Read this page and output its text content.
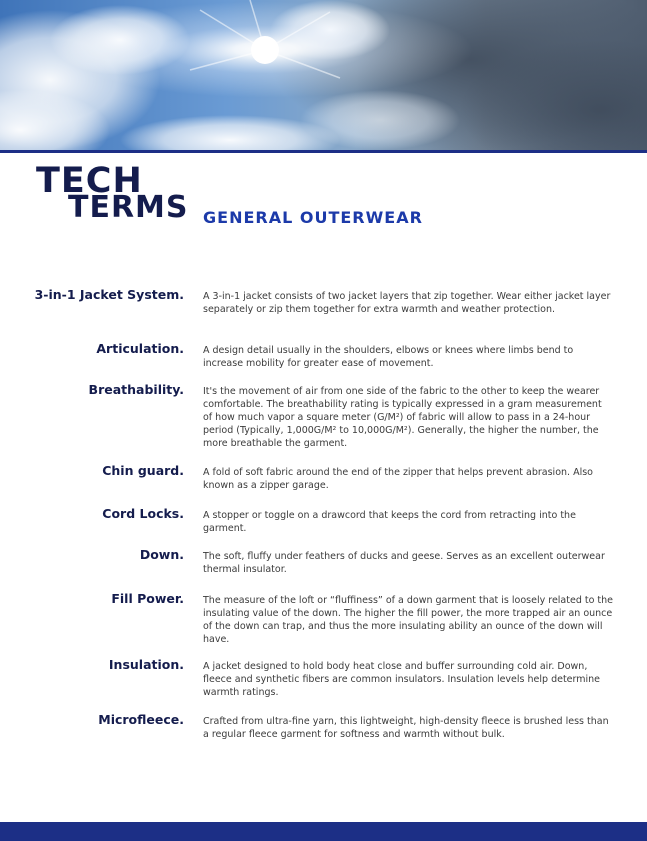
TECH
TERMS GENERAL OUTERWEAR
3-in-1 Jacket System. A 3-in-1 jacket consists of two jacket layers that zip together. Wear either jacket layer separately or zip them together for extra warmth and weather protection.
Articulation. A design detail usually in the shoulders, elbows or knees where limbs bend to increase mobility for greater ease of movement.
Breathability. It's the movement of air from one side of the fabric to the other to keep the wearer comfortable. The breathability rating is typically expressed in a gram measurement of how much vapor a square meter (G/M²) of fabric will allow to pass in a 24-hour period (Typically, 1,000G/M² to 10,000G/M²). Generally, the higher the number, the more breathable the garment.
Chin guard. A fold of soft fabric around the end of the zipper that helps prevent abrasion. Also known as a zipper garage.
Cord Locks. A stopper or toggle on a drawcord that keeps the cord from retracting into the garment.
Down. The soft, fluffy under feathers of ducks and geese. Serves as an excellent outerwear thermal insulator.
Fill Power. The measure of the loft or “fluffiness” of a down garment that is loosely related to the insulating value of the down. The higher the fill power, the more trapped air an ounce of the down can trap, and thus the more insulating ability an ounce of the down will have.
Insulation. A jacket designed to hold body heat close and buffer surrounding cold air. Down, fleece and synthetic fibers are common insulators. Insulation levels help determine warmth ratings.
Microfleece. Crafted from ultra-fine yarn, this lightweight, high-density fleece is brushed less than a regular fleece garment for softness and warmth without bulk.
